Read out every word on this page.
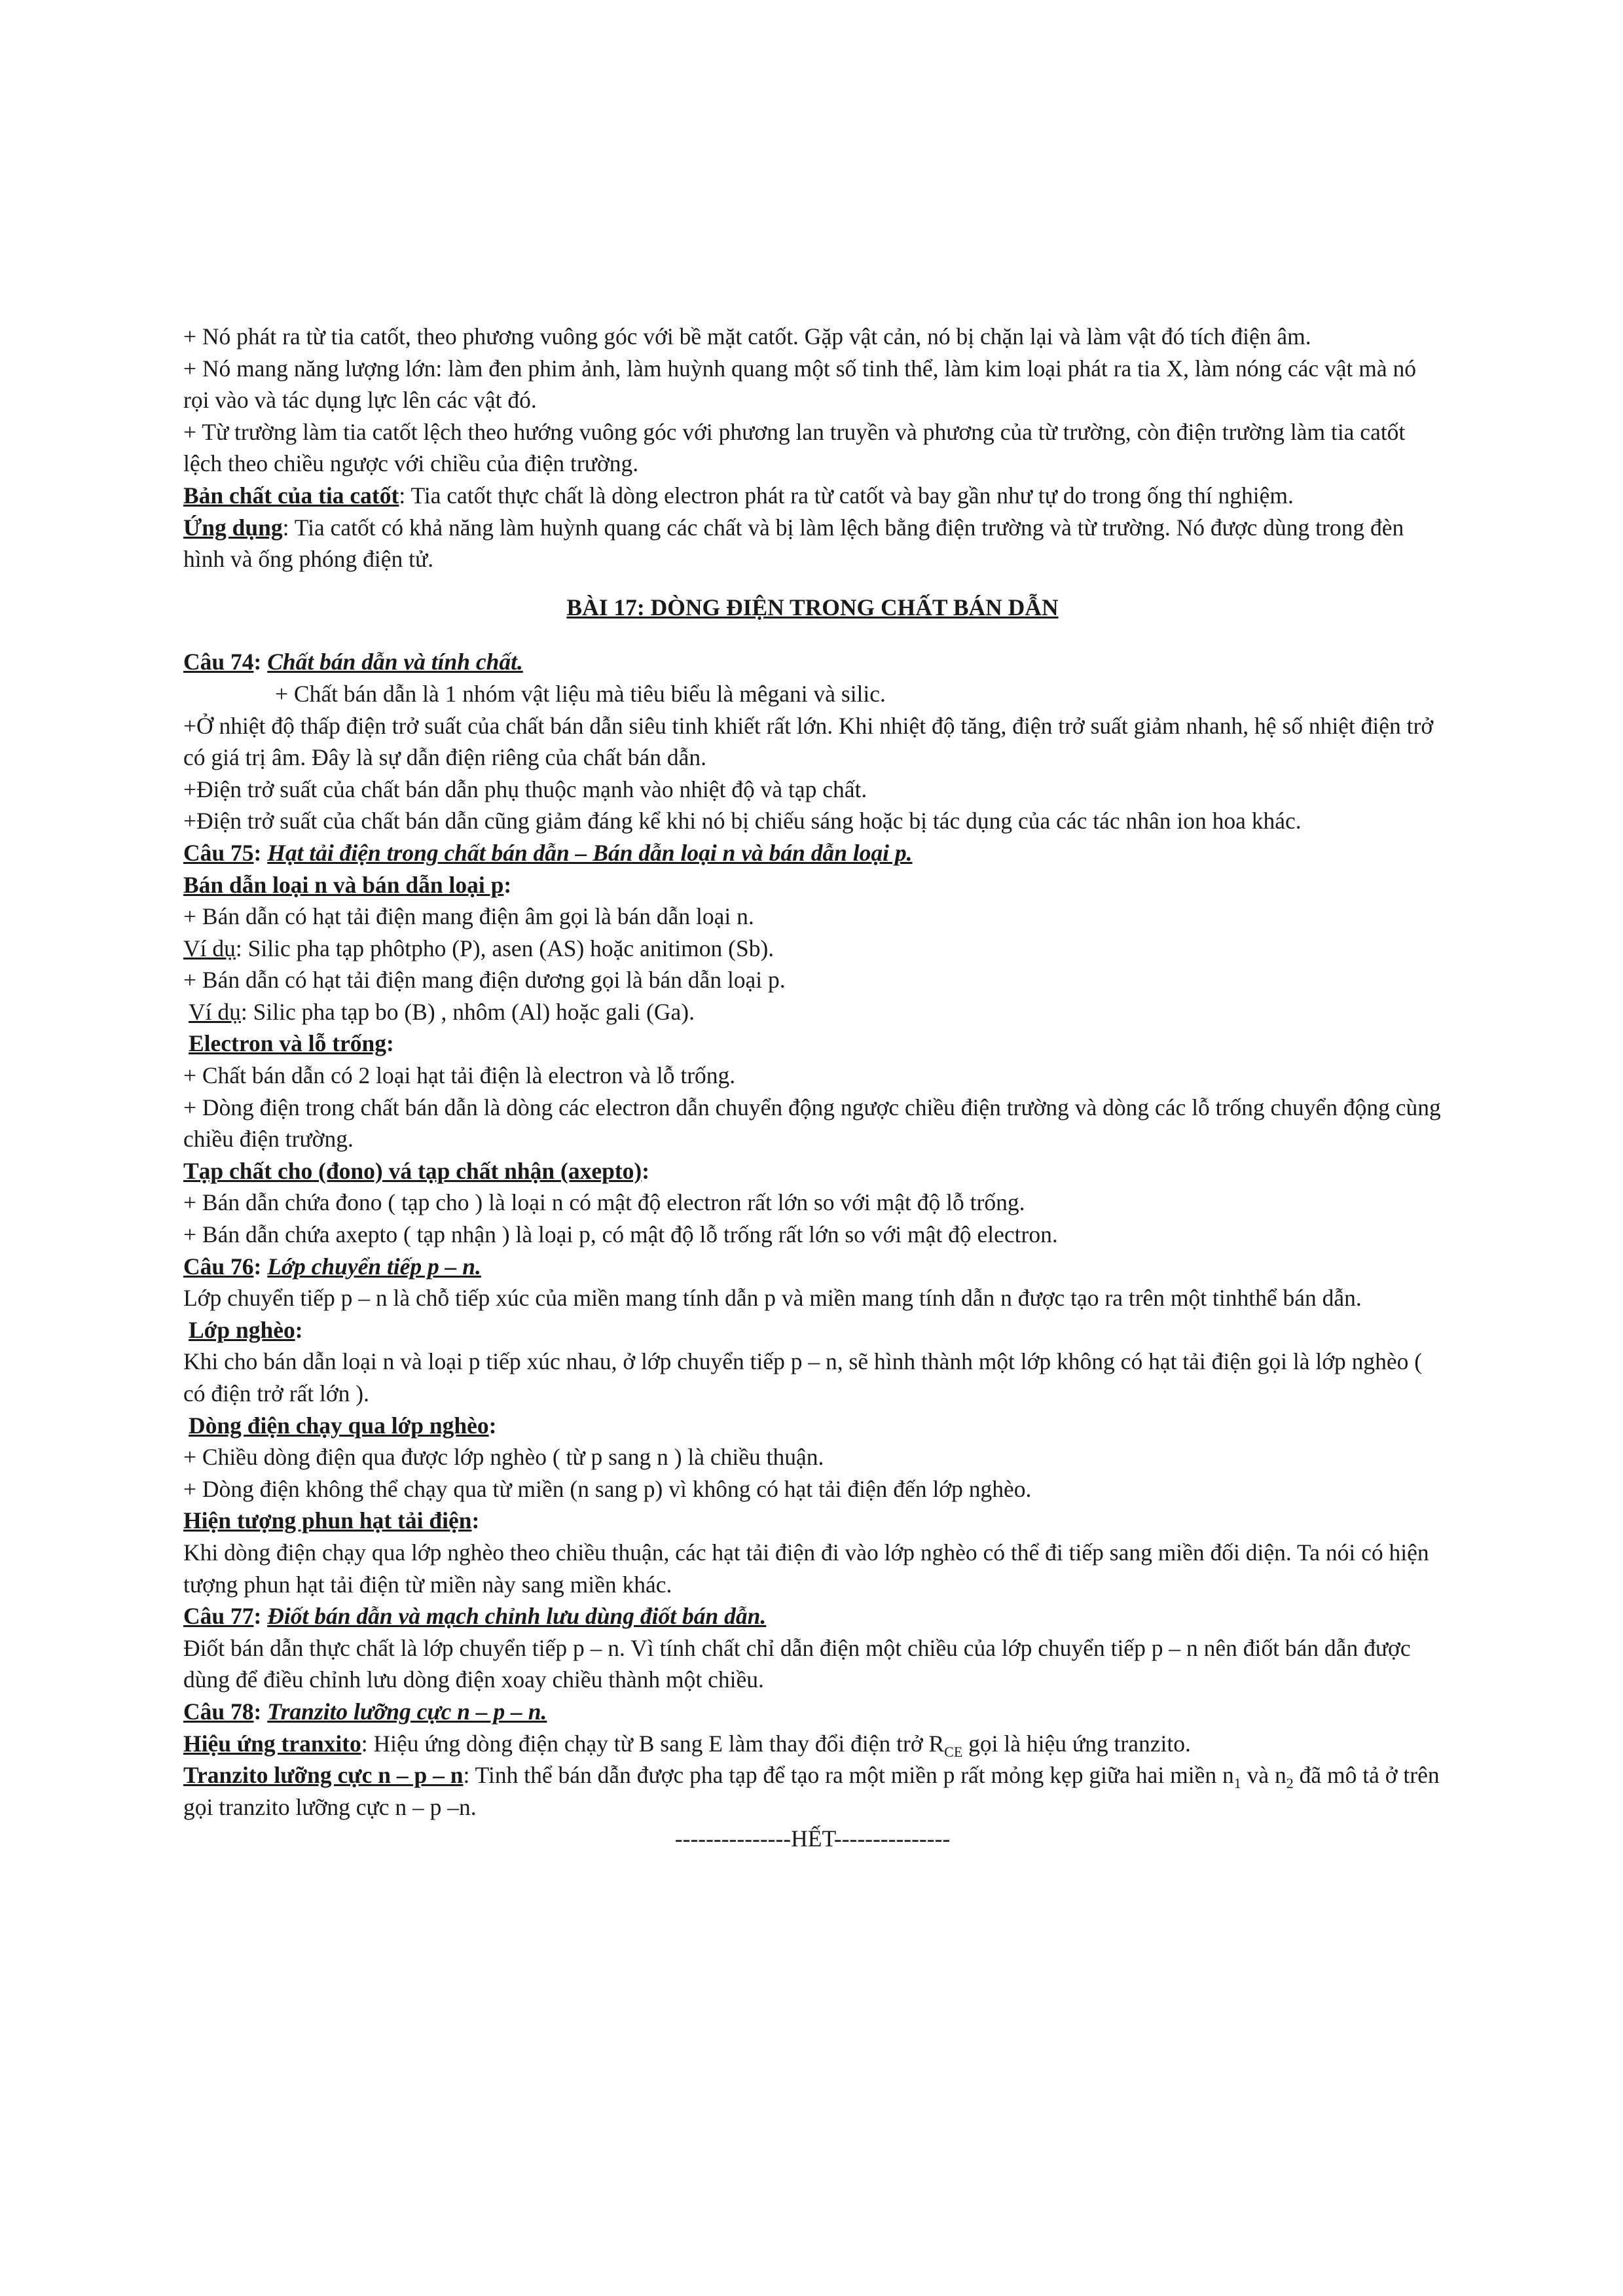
+ Nó phát ra từ tia catốt, theo phương vuông góc với bề mặt catốt. Gặp vật cản, nó bị chặn lại và làm vật đó tích điện âm.

+ Nó mang năng lượng lớn: làm đen phim ảnh, làm huỳnh quang một số tinh thể, làm kim loại phát ra tia X, làm nóng các vật mà nó rọi vào và tác dụng lực lên các vật đó.

+ Từ trường làm tia catốt lệch theo hướng vuông góc với phương lan truyền và phương của từ trường, còn điện trường làm tia catốt lệch theo chiều ngược với chiều của điện trường.

Bản chất của tia catốt: Tia catốt thực chất là dòng electron phát ra từ catốt và bay gần như tự do trong ống thí nghiệm.

Ứng dụng: Tia catốt có khả năng làm huỳnh quang các chất và bị làm lệch bằng điện trường và từ trường. Nó được dùng trong đèn hình và ống phóng điện tử.

BÀI 17: DÒNG ĐIỆN TRONG CHẤT BÁN DẪN

Câu 74: Chất bán dẫn và tính chất.

+ Chất bán dẫn là 1 nhóm vật liệu mà tiêu biểu là mêgani và silic.

+Ở nhiệt độ thấp điện trở suất của chất bán dẫn siêu tinh khiết rất lớn. Khi nhiệt độ tăng, điện trở suất giảm nhanh, hệ số nhiệt điện trở có giá trị âm. Đây là sự dẫn điện riêng của chất bán dẫn.

+Điện trở suất của chất bán dẫn phụ thuộc mạnh vào nhiệt độ và tạp chất.

+Điện trở suất của chất bán dẫn cũng giảm đáng kể khi nó bị chiếu sáng hoặc bị tác dụng của các tác nhân ion hoa khác.

Câu 75: Hạt tải điện trong chất bán dẫn – Bán dẫn loại n và bán dẫn loại p.

Bán dẫn loại n và bán dẫn loại p:

+ Bán dẫn có hạt tải điện mang điện âm gọi là bán dẫn loại n.

Ví dụ: Silic pha tạp phôtpho (P), asen (AS) hoặc anitimon (Sb).

+ Bán dẫn có hạt tải điện mang điện dương gọi là bán dẫn loại p.

Ví dụ: Silic pha tạp bo (B) , nhôm (Al) hoặc gali (Ga).

Electron và lỗ trống:

+ Chất bán dẫn có 2 loại hạt tải điện là electron và lỗ trống.

+ Dòng điện trong chất bán dẫn là dòng các electron dẫn chuyển động ngược chiều điện trường và dòng các lỗ trống chuyển động cùng chiều điện trường.

Tạp chất cho (đono) vá tạp chất nhận (axepto):

+ Bán dẫn chứa đono ( tạp cho ) là loại n có mật độ electron rất lớn so với mật độ lỗ trống.

+ Bán dẫn chứa axepto ( tạp nhận ) là loại p, có mật độ lỗ trống rất lớn so với mật độ electron.

Câu 76: Lớp chuyển tiếp p – n.

Lớp chuyển tiếp p – n là chỗ tiếp xúc của miền mang tính dẫn p và miền mang tính dẫn n được tạo ra trên một tinhthể bán dẫn.

Lớp nghèo:

Khi cho bán dẫn loại n và loại p tiếp xúc nhau, ở lớp chuyển tiếp p – n, sẽ hình thành một lớp không có hạt tải điện gọi là lớp nghèo ( có điện trở rất lớn ).

Dòng điện chạy qua lớp nghèo:

+ Chiều dòng điện qua được lớp nghèo ( từ p sang n ) là chiều thuận.

+ Dòng điện không thể chạy qua từ miền (n sang p) vì không có hạt tải điện đến lớp nghèo.

Hiện tượng phun hạt tải điện:

Khi dòng điện chạy qua lớp nghèo theo chiều thuận, các hạt tải điện đi vào lớp nghèo có thể đi tiếp sang miền đối diện. Ta nói có hiện tượng phun hạt tải điện từ miền này sang miền khác.

Câu 77: Điốt bán dẫn và mạch chỉnh lưu dùng điốt bán dẫn.

Điốt bán dẫn thực chất là lớp chuyển tiếp p – n. Vì tính chất chỉ dẫn điện một chiều của lớp chuyển tiếp p – n nên điốt bán dẫn được dùng để điều chỉnh lưu dòng điện xoay chiều thành một chiều.

Câu 78: Tranzito lưỡng cực n – p – n.

Hiệu ứng tranxito: Hiệu ứng dòng điện chạy từ B sang E làm thay đổi điện trở $R_{CE}$ gọi là hiệu ứng tranzito.

Tranzito lưỡng cực n – p – n: Tinh thể bán dẫn được pha tạp để tạo ra một miền p rất mỏng kẹp giữa hai miền $n_1$ và $n_2$ đã mô tả ở trên gọi tranzito lưỡng cực n – p –n.

---------------HẾT---------------
